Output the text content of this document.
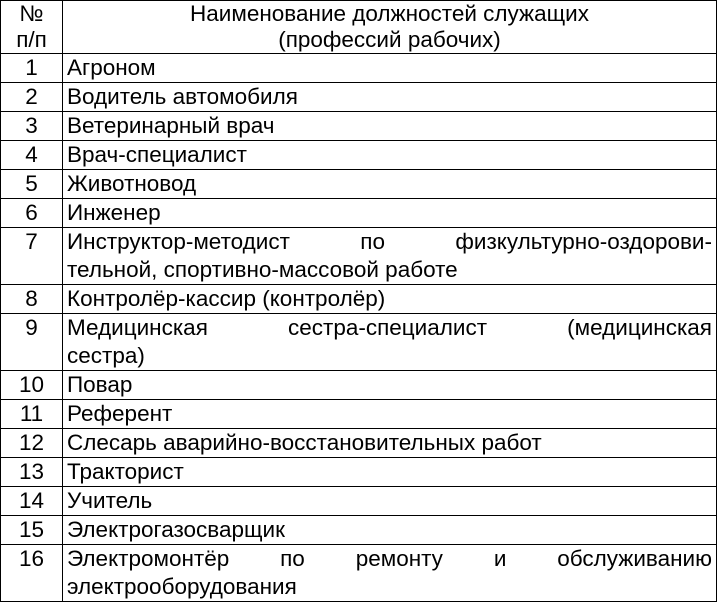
№
п/п	Наименование должностей служащих
(профессий рабочих)
1	Агроном

2	Водитель автомобиля

3	Ветеринарный врач

4	Врач-специалист

5	Животновод

6	Инженер

7	Инструктор-методист по физкультурно-оздорови-
тельной, спортивно-массовой работе

8	Контролёр-кассир (контролёр)

9	Медицинская сестра-специалист (медицинская
сестра)

10	Повар

11	Референт

12	Слесарь аварийно-восстановительных работ

13	Тракторист

14	Учитель

15	Электрогазосварщик

16	Электромонтёр по ремонту и обслуживанию
электрооборудования
